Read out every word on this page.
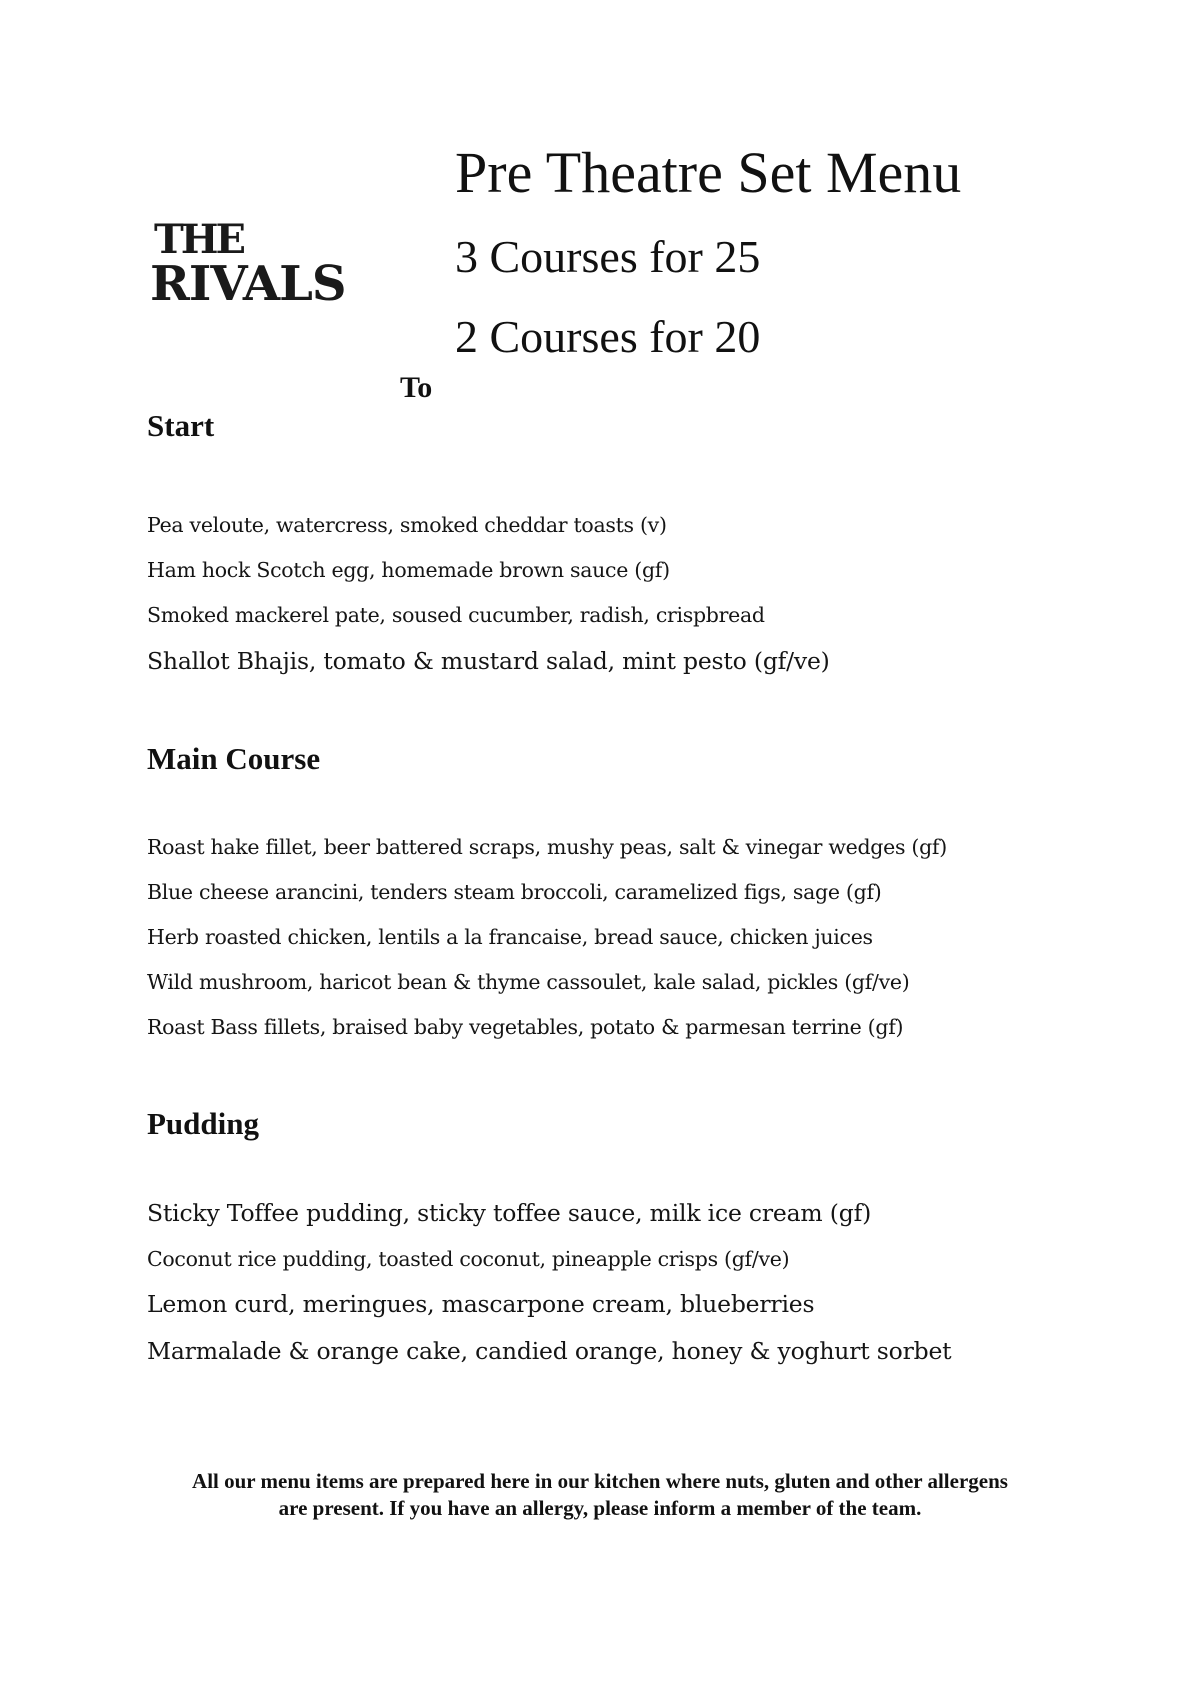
THE
RIVALS
Pre Theatre Set Menu
3 Courses for 25
2 Courses for 20
To
Start
Pea veloute, watercress, smoked cheddar toasts (v)
Ham hock Scotch egg, homemade brown sauce (gf)
Smoked mackerel pate, soused cucumber, radish, crispbread
Shallot Bhajis, tomato & mustard salad, mint pesto (gf/ve)
Main Course
Roast hake fillet, beer battered scraps, mushy peas, salt & vinegar wedges (gf)
Blue cheese arancini, tenders steam broccoli, caramelized figs, sage (gf)
Herb roasted chicken, lentils a la francaise, bread sauce, chicken juices
Wild mushroom, haricot bean & thyme cassoulet, kale salad, pickles (gf/ve)
Roast Bass fillets, braised baby vegetables, potato & parmesan terrine (gf)
Pudding
Sticky Toffee pudding, sticky toffee sauce, milk ice cream (gf)
Coconut rice pudding, toasted coconut, pineapple crisps (gf/ve)
Lemon curd, meringues, mascarpone cream, blueberries
Marmalade & orange cake, candied orange, honey & yoghurt sorbet
All our menu items are prepared here in our kitchen where nuts, gluten and other allergens
are present. If you have an allergy, please inform a member of the team.
